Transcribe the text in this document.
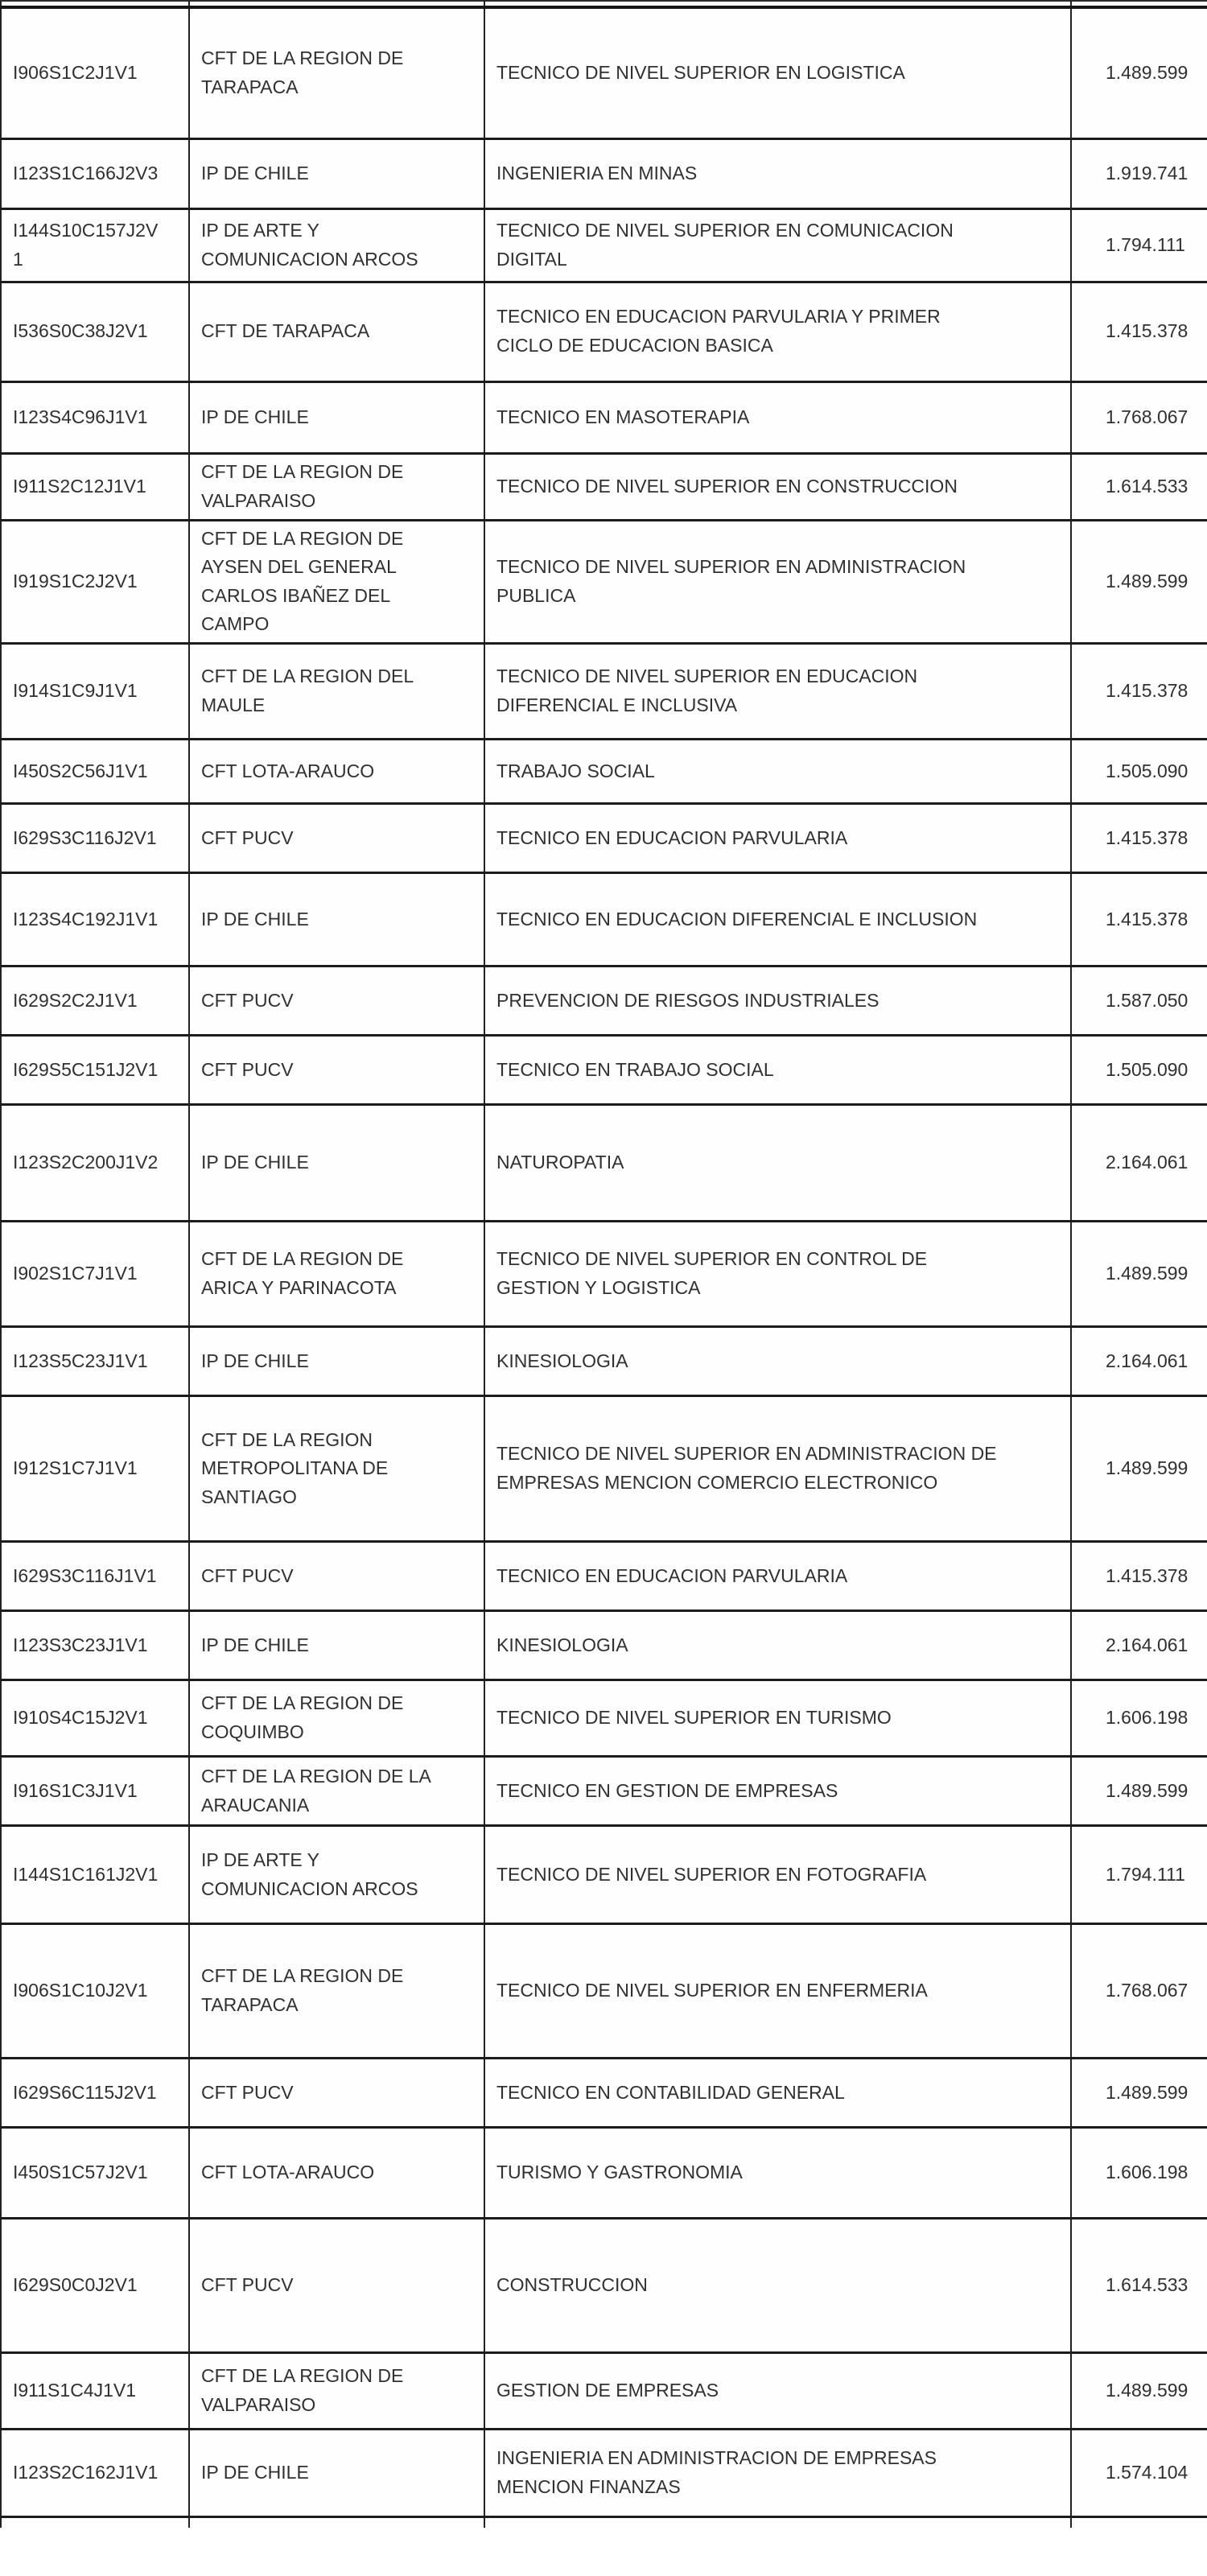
I906S1C2J1V1	CFT DE LA REGION DE TARAPACA	TECNICO DE NIVEL SUPERIOR EN LOGISTICA	1.489.599
I123S1C166J2V3	IP DE CHILE	INGENIERIA EN MINAS	1.919.741
I144S10C157J2V1	IP DE ARTE Y COMUNICACION ARCOS	TECNICO DE NIVEL SUPERIOR EN COMUNICACION DIGITAL	1.794.111
I536S0C38J2V1	CFT DE TARAPACA	TECNICO EN EDUCACION PARVULARIA Y PRIMER CICLO DE EDUCACION BASICA	1.415.378
I123S4C96J1V1	IP DE CHILE	TECNICO EN MASOTERAPIA	1.768.067
I911S2C12J1V1	CFT DE LA REGION DE VALPARAISO	TECNICO DE NIVEL SUPERIOR EN CONSTRUCCION	1.614.533
I919S1C2J2V1	CFT DE LA REGION DE AYSEN DEL GENERAL CARLOS IBAÑEZ DEL CAMPO	TECNICO DE NIVEL SUPERIOR EN ADMINISTRACION PUBLICA	1.489.599
I914S1C9J1V1	CFT DE LA REGION DEL MAULE	TECNICO DE NIVEL SUPERIOR EN EDUCACION DIFERENCIAL E INCLUSIVA	1.415.378
I450S2C56J1V1	CFT LOTA-ARAUCO	TRABAJO SOCIAL	1.505.090
I629S3C116J2V1	CFT PUCV	TECNICO EN EDUCACION PARVULARIA	1.415.378
I123S4C192J1V1	IP DE CHILE	TECNICO EN EDUCACION DIFERENCIAL E INCLUSION	1.415.378
I629S2C2J1V1	CFT PUCV	PREVENCION DE RIESGOS INDUSTRIALES	1.587.050
I629S5C151J2V1	CFT PUCV	TECNICO EN TRABAJO SOCIAL	1.505.090
I123S2C200J1V2	IP DE CHILE	NATUROPATIA	2.164.061
I902S1C7J1V1	CFT DE LA REGION DE ARICA Y PARINACOTA	TECNICO DE NIVEL SUPERIOR EN CONTROL DE GESTION Y LOGISTICA	1.489.599
I123S5C23J1V1	IP DE CHILE	KINESIOLOGIA	2.164.061
I912S1C7J1V1	CFT DE LA REGION METROPOLITANA DE SANTIAGO	TECNICO DE NIVEL SUPERIOR EN ADMINISTRACION DE EMPRESAS MENCION COMERCIO ELECTRONICO	1.489.599
I629S3C116J1V1	CFT PUCV	TECNICO EN EDUCACION PARVULARIA	1.415.378
I123S3C23J1V1	IP DE CHILE	KINESIOLOGIA	2.164.061
I910S4C15J2V1	CFT DE LA REGION DE COQUIMBO	TECNICO DE NIVEL SUPERIOR EN TURISMO	1.606.198
I916S1C3J1V1	CFT DE LA REGION DE LA ARAUCANIA	TECNICO EN GESTION DE EMPRESAS	1.489.599
I144S1C161J2V1	IP DE ARTE Y COMUNICACION ARCOS	TECNICO DE NIVEL SUPERIOR EN FOTOGRAFIA	1.794.111
I906S1C10J2V1	CFT DE LA REGION DE TARAPACA	TECNICO DE NIVEL SUPERIOR EN ENFERMERIA	1.768.067
I629S6C115J2V1	CFT PUCV	TECNICO EN CONTABILIDAD GENERAL	1.489.599
I450S1C57J2V1	CFT LOTA-ARAUCO	TURISMO Y GASTRONOMIA	1.606.198
I629S0C0J2V1	CFT PUCV	CONSTRUCCION	1.614.533
I911S1C4J1V1	CFT DE LA REGION DE VALPARAISO	GESTION DE EMPRESAS	1.489.599
I123S2C162J1V1	IP DE CHILE	INGENIERIA EN ADMINISTRACION DE EMPRESAS MENCION FINANZAS	1.574.104
